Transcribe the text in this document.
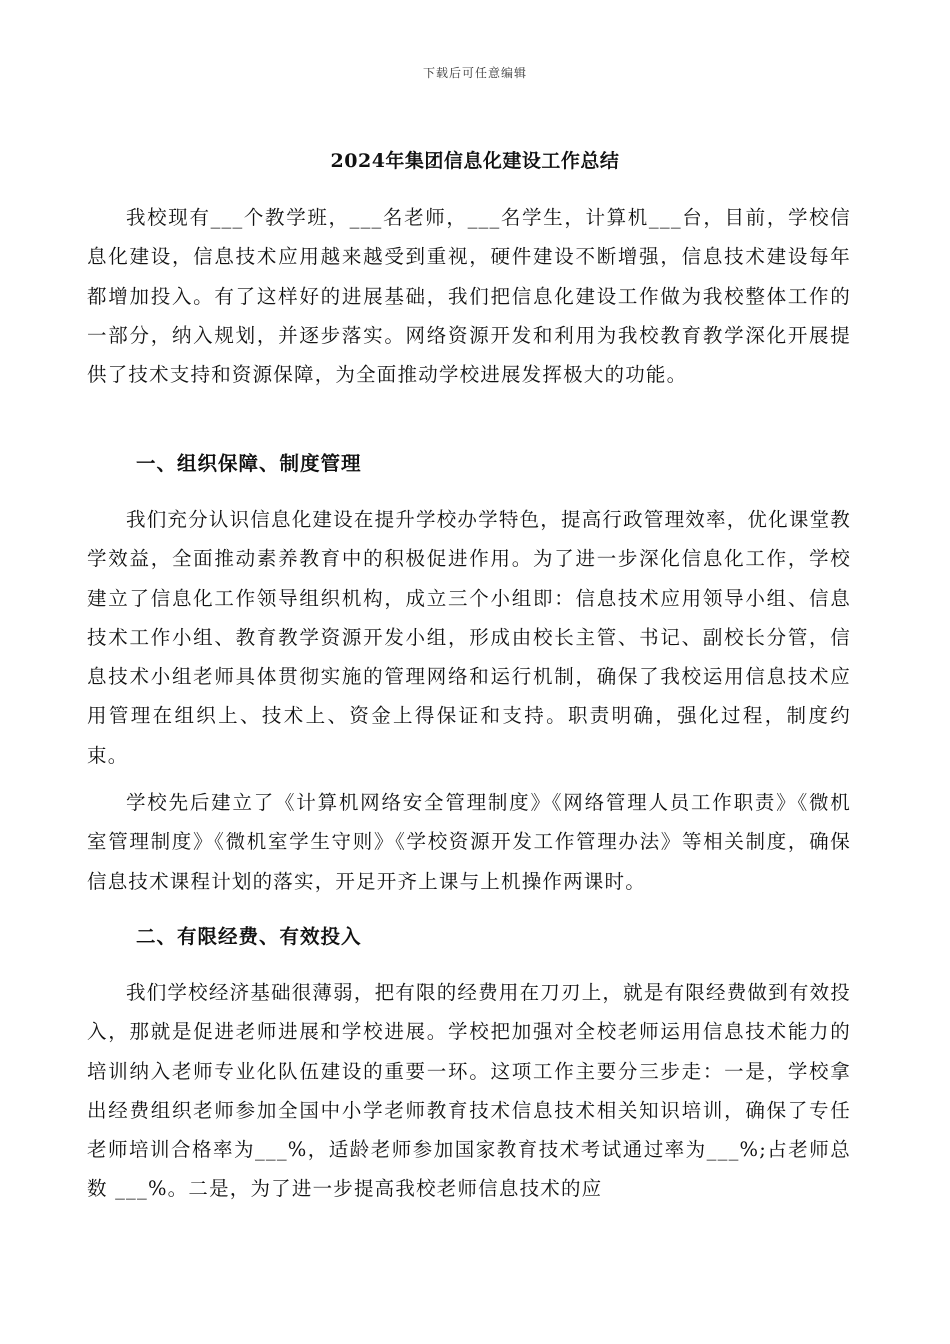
下载后可任意编辑
2024年集团信息化建设工作总结

我校现有___个教学班，___名老师，___名学生，计算机___台，目前，学校信息化建设，信息技术应用越来越受到重视，硬件建设不断增强，信息技术建设每年都增加投入。有了这样好的进展基础，我们把信息化建设工作做为我校整体工作的一部分，纳入规划，并逐步落实。网络资源开发和利用为我校教育教学深化开展提供了技术支持和资源保障，为全面推动学校进展发挥极大的功能。

一、组织保障、制度管理

我们充分认识信息化建设在提升学校办学特色，提高行政管理效率，优化课堂教学效益，全面推动素养教育中的积极促进作用。为了进一步深化信息化工作，学校建立了信息化工作领导组织机构，成立三个小组即：信息技术应用领导小组、信息技术工作小组、教育教学资源开发小组，形成由校长主管、书记、副校长分管，信息技术小组老师具体贯彻实施的管理网络和运行机制，确保了我校运用信息技术应用管理在组织上、技术上、资金上得保证和支持。职责明确，强化过程，制度约束。

学校先后建立了《计算机网络安全管理制度》《网络管理人员工作职责》《微机室管理制度》《微机室学生守则》《学校资源开发工作管理办法》等相关制度，确保信息技术课程计划的落实，开足开齐上课与上机操作两课时。

二、有限经费、有效投入

我们学校经济基础很薄弱，把有限的经费用在刀刃上，就是有限经费做到有效投入，那就是促进老师进展和学校进展。学校把加强对全校老师运用信息技术能力的培训纳入老师专业化队伍建设的重要一环。这项工作主要分三步走：一是，学校拿出经费组织老师参加全国中小学老师教育技术信息技术相关知识培训，确保了专任老师培训合格率为___%，适龄老师参加国家教育技术考试通过率为___%;占老师总数 ___%。二是，为了进一步提高我校老师信息技术的应
